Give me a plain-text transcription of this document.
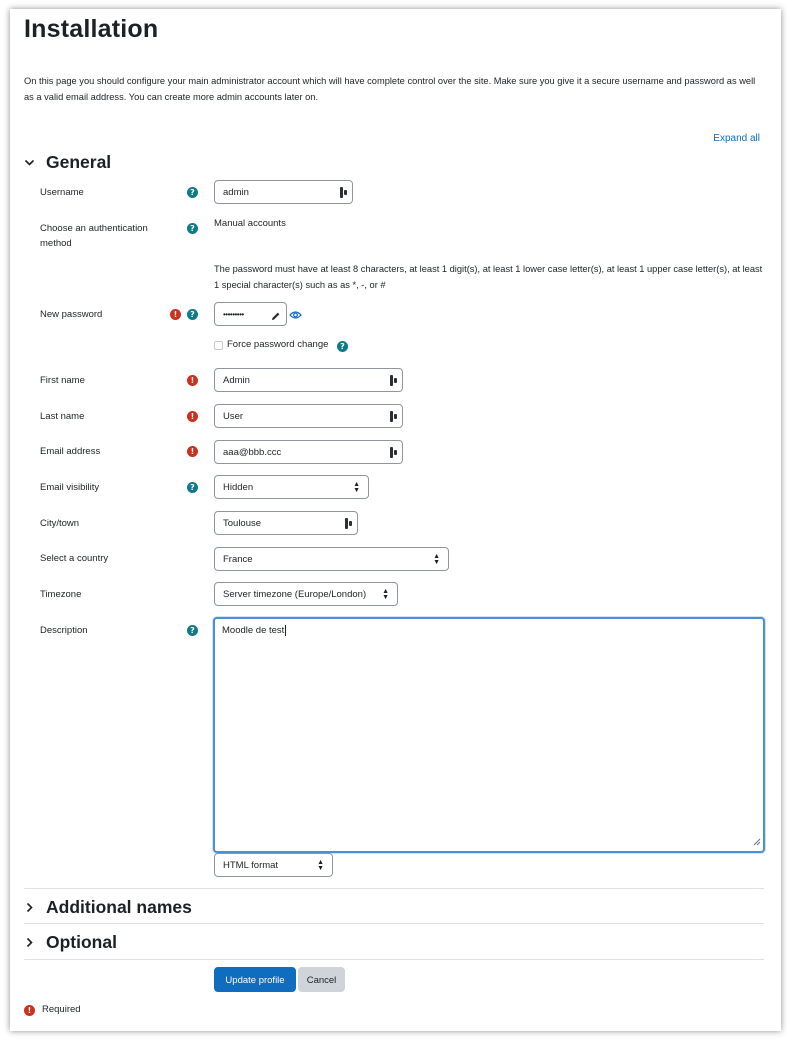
Installation
On this page you should configure your main administrator account which will have complete control over the site. Make sure you give it a secure username and password as well as a valid email address. You can create more admin accounts later on.
Expand all
General
Username	?	admin
Choose an authentication method
?	Manual accounts
The password must have at least 8 characters, at least 1 digit(s), at least 1 lower case letter(s), at least 1 upper case letter(s), at least 1 special character(s) such as as *, -, or #
New password	!	?	•••••••••
Force password change	?
First name	!	Admin
Last name	!	User
Email address	!	aaa@bbb.ccc
Email visibility	?	Hidden	▲
▼
City/town	Toulouse
Select a country	France	▲
▼
Timezone	Server timezone (Europe/London) ▲
▼
Description	?	Moodle de test
HTML format	▲
▼
Additional names
Optional
Update profile	Cancel
!	Required
